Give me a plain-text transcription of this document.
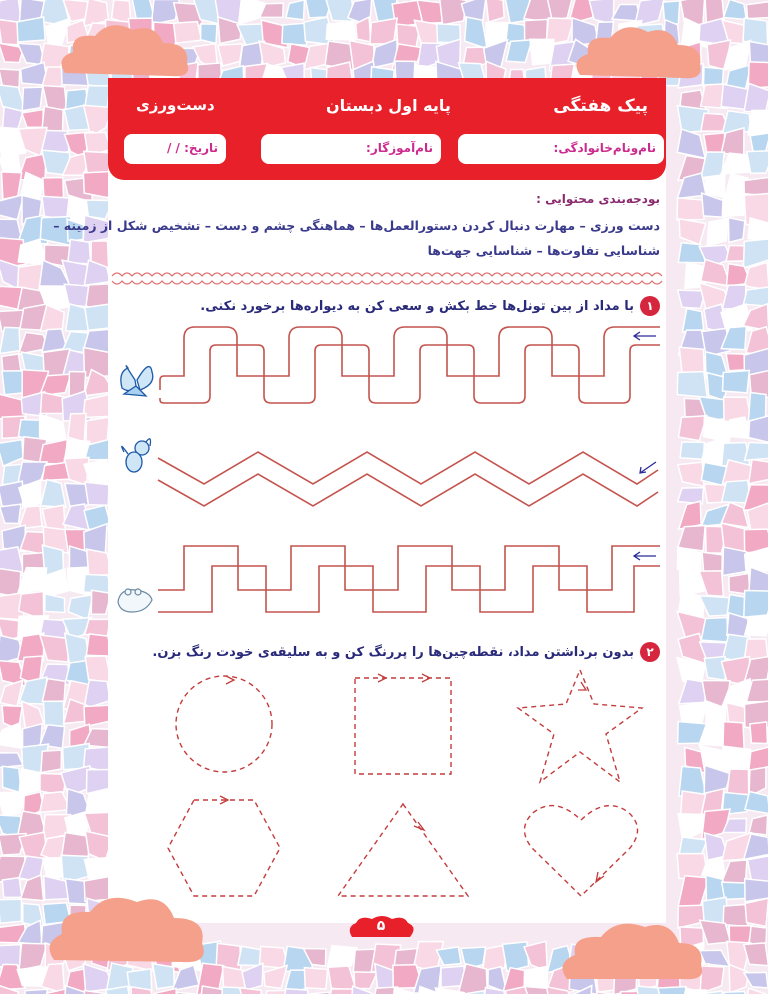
پیک هفتگی
پایه اول دبستان
دست‌ورزی
نام‌ونام‌خانوادگی:
نام‌آموزگار:
تاریخ: / /
بودجه‌بندی محتوایی :
دست ورزی – مهارت دنبال کردن دستورالعمل‌ها – هماهنگی چشم و دست – تشخیص شکل از زمینه –
شناسایی تفاوت‌ها – شناسایی جهت‌ها
۱
با مداد از بین تونل‌ها خط بکش و سعی کن به دیواره‌ها برخورد نکنی.
۲
بدون برداشتن مداد، نقطه‌چین‌ها را پررنگ کن و به سلیقه‌ی خودت رنگ بزن.
۵
